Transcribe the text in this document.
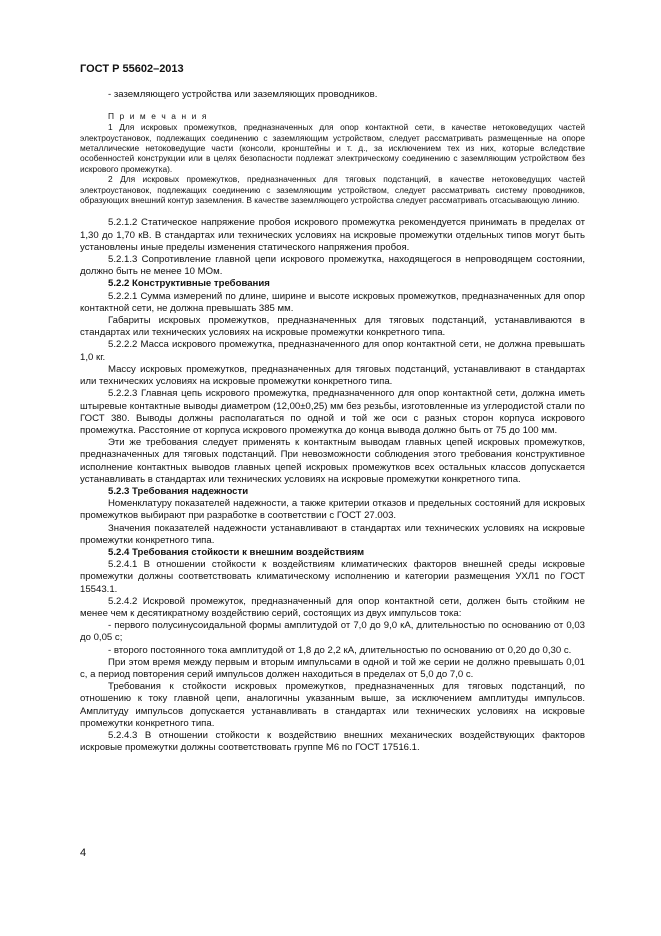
ГОСТ Р 55602–2013

- заземляющего устройства или заземляющих проводников.

П р и м е ч а н и я

1 Для искровых промежутков, предназначенных для опор контактной сети, в качестве нетоковедущих частей электроустановок, подлежащих соединению с заземляющим устройством, следует рассматривать размещенные на опоре металлические нетоковедущие части (консоли, кронштейны и т. д., за исключением тех из них, которые вследствие особенностей конструкции или в целях безопасности подлежат электрическому соединению с заземляющим устройством без искрового промежутка).

2 Для искровых промежутков, предназначенных для тяговых подстанций, в качестве нетоковедущих частей электроустановок, подлежащих соединению с заземляющим устройством, следует рассматривать систему проводников, образующих внешний контур заземления. В качестве заземляющего устройства следует рассматривать отсасывающую линию.

5.2.1.2 Статическое напряжение пробоя искрового промежутка рекомендуется принимать в пределах от 1,30 до 1,70 кВ. В стандартах или технических условиях на искровые промежутки отдельных типов могут быть установлены иные пределы изменения статического напряжения пробоя.

5.2.1.3 Сопротивление главной цепи искрового промежутка, находящегося в непроводящем состоянии, должно быть не менее 10 МОм.

5.2.2 Конструктивные требования

5.2.2.1 Сумма измерений по длине, ширине и высоте искровых промежутков, предназначенных для опор контактной сети, не должна превышать 385 мм.

Габариты искровых промежутков, предназначенных для тяговых подстанций, устанавливаются в стандартах или технических условиях на искровые промежутки конкретного типа.

5.2.2.2 Масса искрового промежутка, предназначенного для опор контактной сети, не должна превышать 1,0 кг.

Массу искровых промежутков, предназначенных для тяговых подстанций, устанавливают в стандартах или технических условиях на искровые промежутки конкретного типа.

5.2.2.3 Главная цепь искрового промежутка, предназначенного для опор контактной сети, должна иметь штыревые контактные выводы диаметром (12,00±0,25) мм без резьбы, изготовленные из углеродистой стали по ГОСТ 380. Выводы должны располагаться по одной и той же оси с разных сторон корпуса искрового промежутка. Расстояние от корпуса искрового промежутка до конца вывода должно быть от 75 до 100 мм.

Эти же требования следует применять к контактным выводам главных цепей искровых промежутков, предназначенных для тяговых подстанций. При невозможности соблюдения этого требования конструктивное исполнение контактных выводов главных цепей искровых промежутков всех остальных классов допускается устанавливать в стандартах или технических условиях на искровые промежутки конкретного типа.

5.2.3 Требования надежности

Номенклатуру показателей надежности, а также критерии отказов и предельных состояний для искровых промежутков выбирают при разработке в соответствии с ГОСТ 27.003.

Значения показателей надежности устанавливают в стандартах или технических условиях на искровые промежутки конкретного типа.

5.2.4 Требования стойкости к внешним воздействиям

5.2.4.1 В отношении стойкости к воздействиям климатических факторов внешней среды искровые промежутки должны соответствовать климатическому исполнению и категории размещения УХЛ1 по ГОСТ 15543.1.

5.2.4.2 Искровой промежуток, предназначенный для опор контактной сети, должен быть стойким не менее чем к десятикратному воздействию серий, состоящих из двух импульсов тока:

- первого полусинусоидальной формы амплитудой от 7,0 до 9,0 кА, длительностью по основанию от 0,03 до 0,05 с;

- второго постоянного тока амплитудой от 1,8 до 2,2 кА, длительностью по основанию от 0,20 до 0,30 с.

При этом время между первым и вторым импульсами в одной и той же серии не должно превышать 0,01 с, а период повторения серий импульсов должен находиться в пределах от 5,0 до 7,0 с.

Требования к стойкости искровых промежутков, предназначенных для тяговых подстанций, по отношению к току главной цепи, аналогичны указанным выше, за исключением амплитуды импульсов. Амплитуду импульсов допускается устанавливать в стандартах или технических условиях на искровые промежутки конкретного типа.

5.2.4.3 В отношении стойкости к воздействию внешних механических воздействующих факторов искровые промежутки должны соответствовать группе М6 по ГОСТ 17516.1.

4
